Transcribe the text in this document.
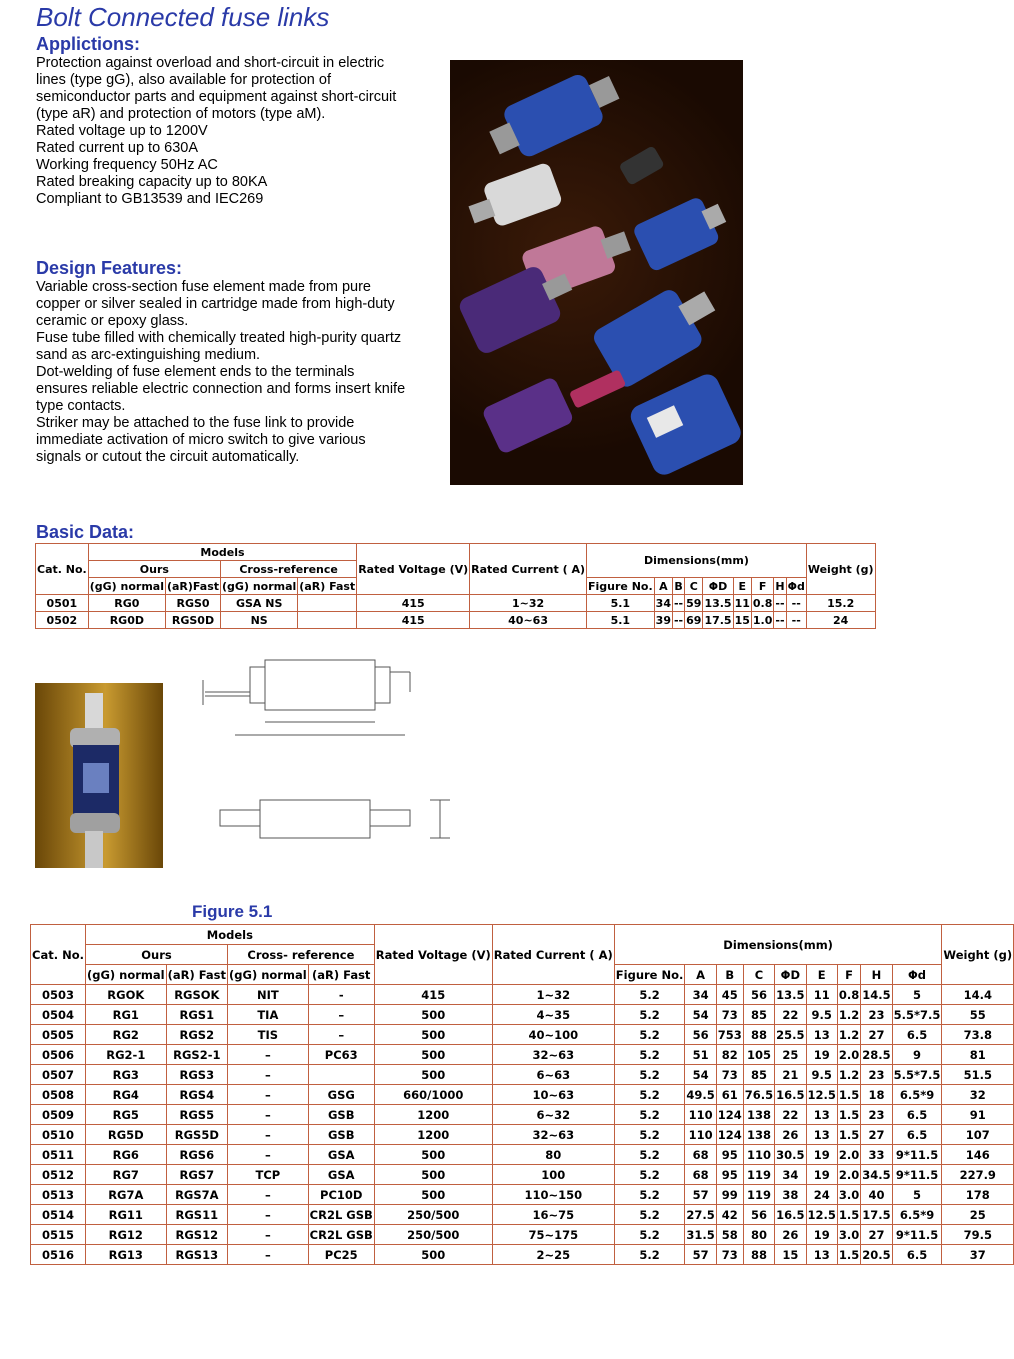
Bolt Connected fuse links
Applictions:
Protection against overload and short-circuit in electric
lines (type gG), also available for protection of
semiconductor parts and equipment against short-circuit
(type aR) and protection of motors (type aM).
Rated voltage up to 1200V
Rated current up to 630A
Working frequency 50Hz AC
Rated breaking capacity up to 80KA
Compliant to GB13539 and IEC269
Design Features:
Variable cross-section fuse element made from pure
copper or silver sealed in cartridge made from high-duty
ceramic or epoxy glass.
Fuse tube filled with chemically treated high-purity quartz
sand as arc-extinguishing medium.
Dot-welding of fuse element ends to the terminals
ensures reliable electric connection and forms insert knife
type contacts.
Striker may be attached to the fuse link to provide
immediate activation of micro switch to give various
signals or cutout the circuit automatically.
Basic Data:
Cat. No.	Models				Rated Voltage (V)	Rated Current ( A)	Dimensions(mm)									Weight (g)
	Ours		Cross-reference													
	(gG) normal	(aR)Fast	(gG) normal	(aR) Fast			Figure No.	A	B	C	ΦD	E	F	H	Φd	
0501	RG0	RGS0	GSA NS		415	1~32	5.1	34	--	59	13.5	11	0.8	--	--	15.2
0502	RG0D	RGS0D	NS		415	40~63	5.1	39	--	69	17.5	15	1.0	--	--	24
Figure 5.1
Cat. No.	Models				Rated Voltage (V)	Rated Current ( A)	Dimensions(mm)									Weight (g)
	Ours		Cross- reference													
	(gG) normal	(aR) Fast	(gG) normal	(aR) Fast			Figure No.	A	B	C	ΦD	E	F	H	Φd	
0503	RGOK	RGSOK	NIT	-	415	1~32	5.2	34	45	56	13.5	11	0.8	14.5	5	14.4
0504	RG1	RGS1	TIA	–	500	4~35	5.2	54	73	85	22	9.5	1.2	23	5.5*7.5	55
0505	RG2	RGS2	TIS	–	500	40~100	5.2	56	753	88	25.5	13	1.2	27	6.5	73.8
0506	RG2-1	RGS2-1	–	PC63	500	32~63	5.2	51	82	105	25	19	2.0	28.5	9	81
0507	RG3	RGS3	–		500	6~63	5.2	54	73	85	21	9.5	1.2	23	5.5*7.5	51.5
0508	RG4	RGS4	–	GSG	660/1000	10~63	5.2	49.5	61	76.5	16.5	12.5	1.5	18	6.5*9	32
0509	RG5	RGS5	–	GSB	1200	6~32	5.2	110	124	138	22	13	1.5	23	6.5	91
0510	RG5D	RGS5D	–	GSB	1200	32~63	5.2	110	124	138	26	13	1.5	27	6.5	107
0511	RG6	RGS6	–	GSA	500	80	5.2	68	95	110	30.5	19	2.0	33	9*11.5	146
0512	RG7	RGS7	TCP	GSA	500	100	5.2	68	95	119	34	19	2.0	34.5	9*11.5	227.9
0513	RG7A	RGS7A	–	PC10D	500	110~150	5.2	57	99	119	38	24	3.0	40	5	178
0514	RG11	RGS11	–	CR2L GSB	250/500	16~75	5.2	27.5	42	56	16.5	12.5	1.5	17.5	6.5*9	25
0515	RG12	RGS12	–	CR2L GSB	250/500	75~175	5.2	31.5	58	80	26	19	3.0	27	9*11.5	79.5
0516	RG13	RGS13	–	PC25	500	2~25	5.2	57	73	88	15	13	1.5	20.5	6.5	37
